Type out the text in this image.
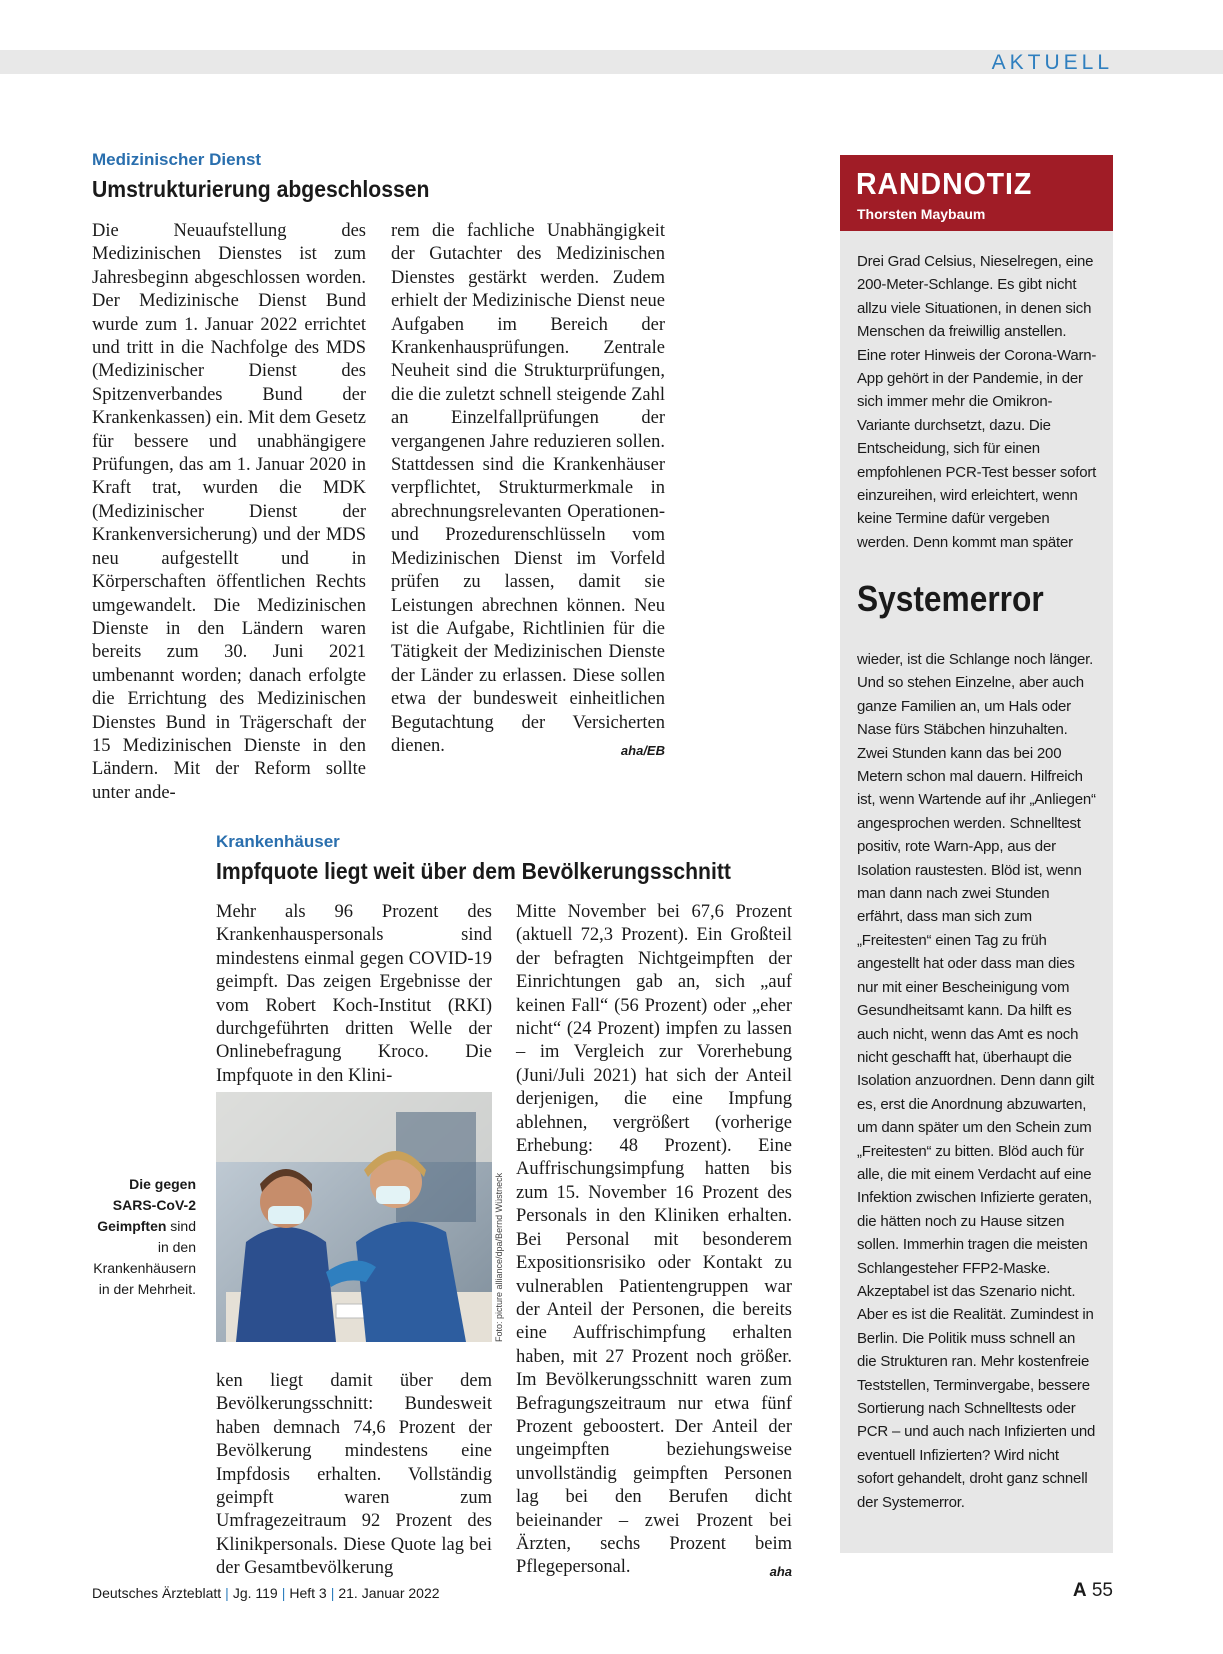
AKTUELL
Medizinischer Dienst
Umstrukturierung abgeschlossen
Die Neuaufstellung des Medizinischen Dienstes ist zum Jahresbeginn abgeschlossen worden. Der Medizinische Dienst Bund wurde zum 1. Januar 2022 errichtet und tritt in die Nachfolge des MDS (Medizinischer Dienst des Spitzenverbandes Bund der Krankenkassen) ein. Mit dem Gesetz für bessere und unabhängigere Prüfungen, das am 1. Januar 2020 in Kraft trat, wurden die MDK (Medizinischer Dienst der Krankenversicherung) und der MDS neu aufgestellt und in Körperschaften öffentlichen Rechts umgewandelt. Die Medizinischen Dienste in den Ländern waren bereits zum 30. Juni 2021 umbenannt worden; danach erfolgte die Errichtung des Medizinischen Dienstes Bund in Trägerschaft der 15 Medizinischen Dienste in den Ländern. Mit der Reform sollte unter ande-
rem die fachliche Unabhängigkeit der Gutachter des Medizinischen Dienstes gestärkt werden. Zudem erhielt der Medizinische Dienst neue Aufgaben im Bereich der Krankenhausprüfungen. Zentrale Neuheit sind die Strukturprüfungen, die die zuletzt schnell steigende Zahl an Einzelfallprüfungen der vergangenen Jahre reduzieren sollen. Stattdessen sind die Krankenhäuser verpflichtet, Strukturmerkmale in abrechnungsrelevanten Operationen- und Prozedurenschlüsseln vom Medizinischen Dienst im Vorfeld prüfen zu lassen, damit sie Leistungen abrechnen können. Neu ist die Aufgabe, Richtlinien für die Tätigkeit der Medizinischen Dienste der Länder zu erlassen. Diese sollen etwa der bundesweit einheitlichen Begutachtung der Versicherten dienen.	aha/EB
Krankenhäuser
Impfquote liegt weit über dem Bevölkerungsschnitt
Mehr als 96 Prozent des Krankenhauspersonals sind mindestens einmal gegen COVID-19 geimpft. Das zeigen Ergebnisse der vom Robert Koch-Institut (RKI) durchgeführten dritten Welle der Onlinebefragung Kroco. Die Impfquote in den Klini-
Foto: picture alliance/dpa/Bernd Wüstneck
Die gegen SARS-CoV-2 Geimpften sind in den Krankenhäusern in der Mehrheit.
ken liegt damit über dem Bevölkerungsschnitt: Bundesweit haben demnach 74,6 Prozent der Bevölkerung mindestens eine Impfdosis erhalten. Vollständig geimpft waren zum Umfragezeitraum 92 Prozent des Klinikpersonals. Diese Quote lag bei der Gesamtbevölkerung
Mitte November bei 67,6 Prozent (aktuell 72,3 Prozent). Ein Großteil der befragten Nichtgeimpften der Einrichtungen gab an, sich „auf keinen Fall“ (56 Prozent) oder „eher nicht“ (24 Prozent) impfen zu lassen – im Vergleich zur Vorerhebung (Juni/Juli 2021) hat sich der Anteil derjenigen, die eine Impfung ablehnen, vergrößert (vorherige Erhebung: 48 Prozent). Eine Auffrischungsimpfung hatten bis zum 15. November 16 Prozent des Personals in den Kliniken erhalten. Bei Personal mit besonderem Expositionsrisiko oder Kontakt zu vulnerablen Patientengruppen war der Anteil der Personen, die bereits eine Auffrischimpfung erhalten haben, mit 27 Prozent noch größer. Im Bevölkerungsschnitt waren zum Befragungszeitraum nur etwa fünf Prozent geboostert. Der Anteil der ungeimpften beziehungsweise unvollständig geimpften Personen lag bei den Berufen dicht beieinander – zwei Prozent bei Ärzten, sechs Prozent beim Pflegepersonal.	aha
RANDNOTIZ
Thorsten Maybaum
Drei Grad Celsius, Nieselregen, eine 200-Meter-Schlange. Es gibt nicht allzu viele Situationen, in denen sich Menschen da freiwillig anstellen. Eine roter Hinweis der Corona-Warn-App gehört in der Pandemie, in der sich immer mehr die Omikron-Variante durchsetzt, dazu. Die Entscheidung, sich für einen empfohlenen PCR-Test besser sofort einzureihen, wird erleichtert, wenn keine Termine dafür vergeben werden. Denn kommt man später
Systemerror
wieder, ist die Schlange noch länger. Und so stehen Einzelne, aber auch ganze Familien an, um Hals oder Nase fürs Stäbchen hinzuhalten. Zwei Stunden kann das bei 200 Metern schon mal dauern. Hilfreich ist, wenn Wartende auf ihr „Anliegen“ angesprochen werden. Schnelltest positiv, rote Warn-App, aus der Isolation raustesten. Blöd ist, wenn man dann nach zwei Stunden erfährt, dass man sich zum „Freitesten“ einen Tag zu früh angestellt hat oder dass man dies nur mit einer Bescheinigung vom Gesundheitsamt kann. Da hilft es auch nicht, wenn das Amt es noch nicht geschafft hat, überhaupt die Isolation anzuordnen. Denn dann gilt es, erst die Anordnung abzuwarten, um dann später um den Schein zum „Freitesten“ zu bitten. Blöd auch für alle, die mit einem Verdacht auf eine Infektion zwischen Infizierte geraten, die hätten noch zu Hause sitzen sollen. Immerhin tragen die meisten Schlangesteher FFP2-Maske. Akzeptabel ist das Szenario nicht. Aber es ist die Realität. Zumindest in Berlin. Die Politik muss schnell an die Strukturen ran. Mehr kostenfreie Teststellen, Terminvergabe, bessere Sortierung nach Schnelltests oder PCR – und auch nach Infizierten und eventuell Infizierten? Wird nicht sofort gehandelt, droht ganz schnell der Systemerror.
Deutsches Ärzteblatt | Jg. 119 | Heft 3 | 21. Januar 2022	A 55
